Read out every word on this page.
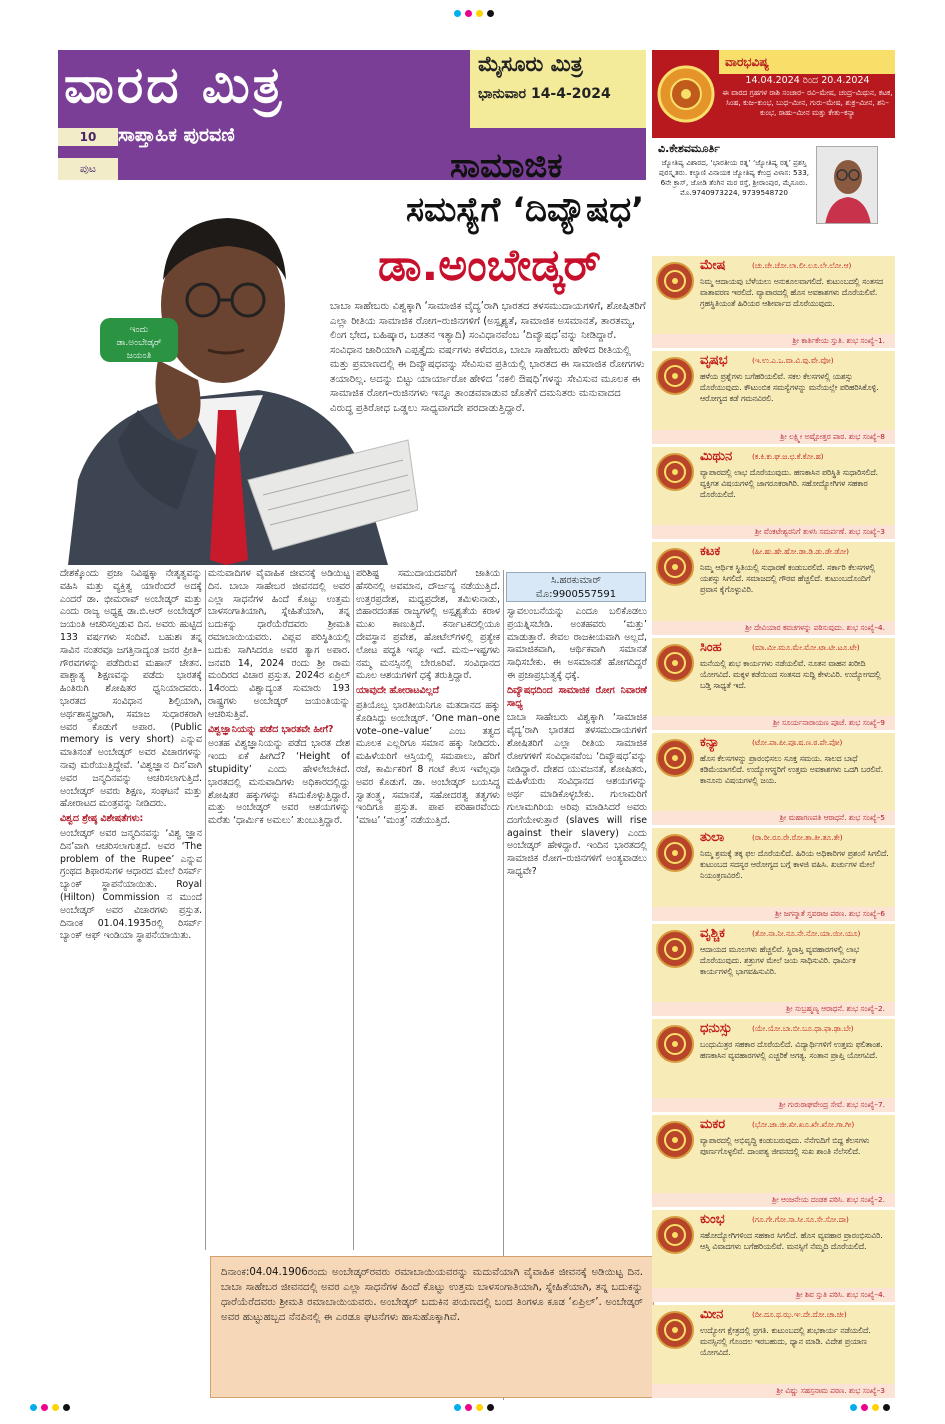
ವಾರದ ಮಿತ್ರ
ಸಾಪ್ತಾಹಿಕ ಪುರವಣಿ
ಪುಟ
10
ಮೈಸೂರು ಮಿತ್ರ
ಭಾನುವಾರ 14-4-2024
ಸಾಮಾಜಿಕ
ಸಮಸ್ಯೆಗೆ ‘ದಿವ್ಯೌಷಧ’
ಡಾ.ಅಂಬೇಡ್ಕರ್
ಇಂದು
ಡಾ.ಅಂಬೇಡ್ಕರ್
ಜಯಂತಿ
ಬಾಬಾ ಸಾಹೇಬರು ವಿಶ್ವಕ್ಕಾಗಿ ‘ಸಾಮಾಜಿಕ ವೈದ್ಯ’ರಾಗಿ ಭಾರತದ ತಳಸಮುದಾಯಗಳಿಗೆ, ಶೋಷಿತರಿಗೆ ಎಲ್ಲಾ ರೀತಿಯ ಸಾಮಾಜಿಕ ರೋಗ–ರುಜಿನಗಳಿಗೆ (ಅಸ್ಪೃಶ್ಯತೆ, ಸಾಮಾಜಿಕ ಅಸಮಾನತೆ, ತಾರತಮ್ಯ, ಲಿಂಗ ಭೇದ, ಬಹಿಷ್ಕಾರ, ಬಡತನ ಇತ್ಯಾದಿ) ಸಂವಿಧಾನವೆಂಬ ‘ದಿವ್ಯೌಷಧ’ವನ್ನು ನೀಡಿದ್ದಾರೆ. ಸಂವಿಧಾನ ಜಾರಿಯಾಗಿ ಎಪ್ಪತ್ತೈದು ವರ್ಷಗಳು ಕಳೆದರೂ, ಬಾಬಾ ಸಾಹೇಬರು ಹೇಳಿದ ರೀತಿಯಲ್ಲಿ ಮತ್ತು ಪ್ರಮಾಣದಲ್ಲಿ ಈ ದಿವ್ಯೌಷಧವನ್ನು ಸೇವಿಸುವ ಪ್ರತಿಯಲ್ಲಿ ಭಾರತದ ಈ ಸಾಮಾಜಿಕ ರೋಗಗಳು ತಯಾರಿಲ್ಲ. ಅದನ್ನು ಬಿಟ್ಟು ಯಾರ್ಯಾರೋ ಹೇಳಿದ ‘ನಕಲಿ ಔಷಧಿ’ಗಳನ್ನು ಸೇವಿಸುವ ಮೂಲಕ ಈ ಸಾಮಾಜಿಕ ರೋಗ–ರುಜಿನಗಳು ಇನ್ನೂ ತಾಂಡವವಾಡುವ ಜೊತೆಗೆ ದಮನಿತರು ಮನುವಾದದ ವಿರುದ್ಧ ಪ್ರತಿರೋಧ ಒಡ್ಡಲು ಸಾಧ್ಯವಾಗದೇ ಪರದಾಡುತ್ತಿದ್ದಾರೆ.

ದೇಶಕ್ಕೊಂದು ಪ್ರಜಾ ನಿವಿಷ್ಟಕ್ಕಾ ನೇತೃತ್ವವನ್ನು ವಹಿಸಿ ಮತ್ತು ವ್ಯಕ್ತಿತ್ವ ಯಾರೆಂದರೆ ಅದಕ್ಕೆ ಎಂದರೆ ಡಾ. ಭೀಮರಾವ್ ಅಂಬೇಡ್ಕರ್ ಮತ್ತು ಎಂದು ರಾಜ್ಯ ಅಧ್ಯಕ್ಷ ಡಾ.ಬಿ.ಆರ್ ಅಂಬೇಡ್ಕರ್ ಜಯಂತಿ ಆಚರಿಸಲ್ಪಡುವ ದಿನ. ಅವರು ಹುಟ್ಟಿದ 133 ವರ್ಷಗಳು ಸಂದಿವೆ. ಬಹುಶಃ ತನ್ನ ಸಾವಿನ ನಂತರವೂ ಜಗತ್ತಿನಾದ್ಯಂತ ಜನರ ಪ್ರೀತಿ–ಗೌರವಗಳನ್ನು ಪಡೆದಿರುವ ಮಹಾನ್ ಚೇತನ. ಪಾಶ್ಚಾತ್ಯ ಶಿಕ್ಷಣವನ್ನು ಪಡೆದು ಭಾರತಕ್ಕೆ ಹಿಂತಿರುಗಿ ಶೋಷಿತರ ಧ್ವನಿಯಾದವರು. ಭಾರತದ ಸಂವಿಧಾನ ಶಿಲ್ಪಿಯಾಗಿ, ಅರ್ಥಶಾಸ್ತ್ರಜ್ಞರಾಗಿ, ಸಮಾಜ ಸುಧಾರಕರಾಗಿ ಅವರ ಕೊಡುಗೆ ಅಪಾರ. (Public memory is very short) ಎನ್ನುವ ಮಾತಿನಂತೆ ಅಂಬೇಡ್ಕರ್ ಅವರ ವಿಚಾರಗಳನ್ನು ನಾವು ಮರೆಯುತ್ತಿದ್ದೇವೆ. ‘ವಿಶ್ವಜ್ಞಾನ ದಿನ’ವಾಗಿ ಅವರ ಜನ್ಮದಿನವನ್ನು ಆಚರಿಸಲಾಗುತ್ತಿದೆ. ಅಂಬೇಡ್ಕರ್ ಅವರು ಶಿಕ್ಷಣ, ಸಂಘಟನೆ ಮತ್ತು ಹೋರಾಟದ ಮಂತ್ರವನ್ನು ನೀಡಿದರು.

ವಿಶ್ವದ ಶ್ರೇಷ್ಠ ವಿಶೇಷತೆಗಳು:

ಅಂಬೇಡ್ಕರ್ ಅವರ ಜನ್ಮದಿನವನ್ನು ‘ವಿಶ್ವ ಜ್ಞಾನ ದಿನ’ವಾಗಿ ಆಚರಿಸಲಾಗುತ್ತದೆ. ಅವರ ‘The problem of the Rupee’ ಎನ್ನುವ ಗ್ರಂಥದ ಶಿಫಾರಸುಗಳ ಆಧಾರದ ಮೇಲೆ ರಿಸರ್ವ್ ಬ್ಯಾಂಕ್ ಸ್ಥಾಪನೆಯಾಯಿತು. Royal (Hilton) Commission ನ ಮುಂದೆ ಅಂಬೇಡ್ಕರ್ ಅವರ ವಿಚಾರಗಳು ಪ್ರಸ್ತುತ. ದಿನಾಂಕ 01.04.1935ರಲ್ಲಿ ರಿಸರ್ವ್ ಬ್ಯಾಂಕ್ ಆಫ್ ಇಂಡಿಯಾ ಸ್ಥಾಪನೆಯಾಯಿತು.

ಮನುವಾದಿಗಳ ವೈವಾಹಿಕ ಜೀವನಕ್ಕೆ ಅಡಿಯಿಟ್ಟ ದಿನ. ಬಾಬಾ ಸಾಹೇಬರ ಜೀವನದಲ್ಲಿ ಅವರ ಎಲ್ಲಾ ಸಾಧನೆಗಳ ಹಿಂದೆ ಕೊಟ್ಟು ಉತ್ತಮ ಬಾಳಸಂಗಾತಿಯಾಗಿ, ಸ್ನೇಹಿತೆಯಾಗಿ, ತನ್ನ ಬದುಕನ್ನು ಧಾರೆಯೆರೆದವರು ಶ್ರೀಮತಿ ರಮಾಬಾಯಿಯವರು. ವಿಪ್ಲವ ಪರಿಸ್ಥಿತಿಯಲ್ಲಿ ಬದುಕು ಸಾಗಿಸಿದರೂ ಅವರ ತ್ಯಾಗ ಅಪಾರ. ಜನವರಿ 14, 2024 ರಂದು ಶ್ರೀ ರಾಮ ಮಂದಿರದ ವಿಚಾರ ಪ್ರಸ್ತುತ. 2024ರ ಏಪ್ರಿಲ್ 14ರಂದು ವಿಶ್ವಾದ್ಯಂತ ಸುಮಾರು 193 ರಾಷ್ಟ್ರಗಳು ಅಂಬೇಡ್ಕರ್ ಜಯಂತಿಯನ್ನು ಆಚರಿಸುತ್ತಿವೆ.

ವಿಶ್ವಜ್ಞಾನಿಯನ್ನು ಪಡೆದ ಭಾರತವೇ ಹೀಗೆ?

ಅಂತಹ ವಿಶ್ವಜ್ಞಾನಿಯನ್ನು ಪಡೆದ ಭಾರತ ದೇಶ ಇಂದು ಏಕೆ ಹೀಗಿದೆ? ‘Height of stupidity’ ಎಂದು ಹೇಳಲೇಬೇಕಿದೆ. ಭಾರತದಲ್ಲಿ ಮನುವಾದಿಗಳು ಅಧಿಕಾರದಲ್ಲಿದ್ದು ಶೋಷಿತರ ಹಕ್ಕುಗಳನ್ನು ಕಸಿದುಕೊಳ್ಳುತ್ತಿದ್ದಾರೆ. ಮತ್ತು ಅಂಬೇಡ್ಕರ್ ಅವರ ಆಶಯಗಳನ್ನು ಮರೆತು ‘ಧಾರ್ಮಿಕ ಅಮಲು’ ತುಂಬುತ್ತಿದ್ದಾರೆ.

ಪರಿಶಿಷ್ಟ ಸಮುದಾಯದವರಿಗೆ ಜಾತಿಯ ಹೆಸರಿನಲ್ಲಿ ಅವಮಾನ, ದೌರ್ಜನ್ಯ ನಡೆಯುತ್ತಿದೆ. ಉತ್ತರಪ್ರದೇಶ, ಮಧ್ಯಪ್ರದೇಶ, ತಮಿಳುನಾಡು, ಬಿಹಾರದಂತಹ ರಾಜ್ಯಗಳಲ್ಲಿ ಅಸ್ಪೃಶ್ಯತೆಯ ಕರಾಳ ಮುಖ ಕಾಣುತ್ತಿದೆ. ಕರ್ನಾಟಕದಲ್ಲಿಯೂ ದೇವಸ್ಥಾನ ಪ್ರವೇಶ, ಹೋಟೆಲ್‌ಗಳಲ್ಲಿ ಪ್ರತ್ಯೇಕ ಲೋಟ ಪದ್ಧತಿ ಇನ್ನೂ ಇದೆ. ಮನು–ಇಷ್ಟಗಳು ನಮ್ಮ ಮನಸ್ಸಿನಲ್ಲಿ ಬೇರೂರಿವೆ. ಸಂವಿಧಾನದ ಮೂಲ ಆಶಯಗಳಿಗೆ ಧಕ್ಕೆ ತರುತ್ತಿದ್ದಾರೆ.

ಯಾವುದೇ ಹೋರಾಟವಿಲ್ಲದೆ

ಪ್ರತಿಯೊಬ್ಬ ಭಾರತೀಯನಿಗೂ ಮತದಾನದ ಹಕ್ಕು ಕೊಡಿಸಿದ್ದು ಅಂಬೇಡ್ಕರ್. ‘One man–one vote–one–value’ ಎಂಬ ತತ್ವದ ಮೂಲಕ ಎಲ್ಲರಿಗೂ ಸಮಾನ ಹಕ್ಕು ನೀಡಿದರು. ಮಹಿಳೆಯರಿಗೆ ಆಸ್ತಿಯಲ್ಲಿ ಸಮಪಾಲು, ಹೆರಿಗೆ ರಜೆ, ಕಾರ್ಮಿಕರಿಗೆ 8 ಗಂಟೆ ಕೆಲಸ ಇವೆಲ್ಲವೂ ಅವರ ಕೊಡುಗೆ. ಡಾ. ಅಂಬೇಡ್ಕರ್ ಬಯಸಿದ್ದ ಸ್ವಾತಂತ್ರ್ಯ, ಸಮಾನತೆ, ಸಹೋದರತ್ವ ತತ್ವಗಳು ಇಂದಿಗೂ ಪ್ರಸ್ತುತ. ಪಾಪ ಪರಿಹಾರವೆಂದು ‘ಮಾಟ’ ‘ಮಂತ್ರ’ ನಡೆಯುತ್ತಿದೆ.

ಸಿ.ಹರಕುಮಾರ್
ಮೊ:9900557591

ಸ್ವಾವಲಂಬನೆಯನ್ನು ಎಂದೂ ಬಲಿಕೊಡಲು ಪ್ರಯತ್ನಿಸಬೇಡಿ. ಅಂತಹವರು ‘ಮತ್ತು’ ಮಾಡುತ್ತಾರೆ. ಕೇವಲ ರಾಜಕೀಯವಾಗಿ ಅಲ್ಲದೆ, ಸಾಮಾಜಿಕವಾಗಿ, ಆರ್ಥಿಕವಾಗಿ ಸಮಾನತೆ ಸಾಧಿಸಬೇಕು. ಈ ಅಸಮಾನತೆ ಹೋಗದಿದ್ದರೆ ಈ ಪ್ರಜಾಪ್ರಭುತ್ವಕ್ಕೆ ಧಕ್ಕೆ.

ದಿವ್ಯೌಷಧದಿಂದ ಸಾಮಾಜಿಕ ರೋಗ ನಿವಾರಣೆ ಸಾಧ್ಯ

ಬಾಬಾ ಸಾಹೇಬರು ವಿಶ್ವಕ್ಕಾಗಿ ‘ಸಾಮಾಜಿಕ ವೈದ್ಯ’ರಾಗಿ ಭಾರತದ ತಳಸಮುದಾಯಗಳಿಗೆ ಶೋಷಿತರಿಗೆ ಎಲ್ಲಾ ರೀತಿಯ ಸಾಮಾಜಿಕ ರೋಗಗಳಿಗೆ ಸಂವಿಧಾನವೆಂಬ ‘ದಿವ್ಯೌಷಧ’ವನ್ನು ನೀಡಿದ್ದಾರೆ. ದೇಶದ ಯುವಜನತೆ, ಶೋಷಿತರು, ಮಹಿಳೆಯರು ಸಂವಿಧಾನದ ಆಶಯಗಳನ್ನು ಅರ್ಥ ಮಾಡಿಕೊಳ್ಳಬೇಕು. ಗುಲಾಮರಿಗೆ ಗುಲಾಮಗಿರಿಯ ಅರಿವು ಮಾಡಿಸಿದರೆ ಅವರು ದಂಗೆಯೇಳುತ್ತಾರೆ (slaves will rise against their slavery) ಎಂದು ಅಂಬೇಡ್ಕರ್ ಹೇಳಿದ್ದಾರೆ. ಇಂದಿನ ಭಾರತದಲ್ಲಿ ಸಾಮಾಜಿಕ ರೋಗ–ರುಜಿನಗಳಿಗೆ ಅಂತ್ಯವಾಡಲು ಸಾಧ್ಯವೇ?

ದಿನಾಂಕ:04.04.1906ರಂದು ಅಂಬೇಡ್ಕರ್‌ರವರು ರಮಾಬಾಯಿಯವರನ್ನು ಮದುವೆಯಾಗಿ ವೈವಾಹಿಕ ಜೀವನಕ್ಕೆ ಅಡಿಯಿಟ್ಟ ದಿನ. ಬಾಬಾ ಸಾಹೇಬರ ಜೀವನದಲ್ಲಿ ಅವರ ಎಲ್ಲಾ ಸಾಧನೆಗಳ ಹಿಂದೆ ಕೊಟ್ಟು ಉತ್ತಮ ಬಾಳಸಂಗಾತಿಯಾಗಿ, ಸ್ನೇಹಿತೆಯಾಗಿ, ತನ್ನ ಬದುಕನ್ನು ಧಾರೆಯೆರೆದವರು ಶ್ರೀಮತಿ ರಮಾಬಾಯಿಯವರು. ಅಂಬೇಡ್ಕರ್ ಬದುಕಿನ ಪಯಣದಲ್ಲಿ ಬಂದ ತಿಂಗಳೂ ಕೂಡ ‘ಏಪ್ರಿಲ್’. ಅಂಬೇಡ್ಕರ್ ಅವರ ಹುಟ್ಟುಹಬ್ಬದ ನೆನಪಿನಲ್ಲಿ ಈ ಎರಡೂ ಘಟನೆಗಳು ಹಾಸುಹೊಕ್ಕಾಗಿವೆ.
ವಾರಭವಿಷ್ಯ
14.04.2024 ರಿಂದ 20.4.2024
ಈ ವಾರದ ಗ್ರಹಗಳ ರಾಶಿ ಸಂಚಾರ– ರವಿ–ಮೇಷ, ಚಂದ್ರ–ಮಿಥುನ, ಕಟಕ, ಸಿಂಹ, ಕುಜ–ಕುಂಭ, ಬುಧ–ಮೀನ, ಗುರು–ಮೇಷ, ಶುಕ್ರ–ಮೀನ, ಶನಿ–ಕುಂಭ, ರಾಹು–ಮೀನ ಮತ್ತು ಕೇತು–ಕನ್ಯಾ
ವಿ.ಕೇಶವಮೂರ್ತಿ
ಜ್ಯೋತಿಷ್ಯ ವಿಶಾರದ, ‘ಭಾರತೀಯ ರತ್ನ’ ‘ಜ್ಯೋತಿಷ್ಯ ರತ್ನ’ ಪ್ರಶಸ್ತಿ ಪುರಸ್ಕೃತರು. ಕಲ್ಯಾಣಿ ವಿನಾಯಕ ಜ್ಯೋತಿಷ್ಯ ಕೇಂದ್ರ ವಿಳಾಸ: 533, 6ನೇ ಕ್ರಾಸ್, ಜೋಡಿ ತೆಂಗಿನ ಮರ ರಸ್ತೆ, ಶ್ರೀರಾಂಪುರ, ಮೈಸೂರು. ಮೊ.9740973224, 9739548720
ಮೇಷ	(ಚು.ಚೇ.ಚೋ.ಲಾ.ಲೀ.ಲೂ.ಲೇ.ಲೋ.ಆ)
ನಿಮ್ಮ ಆದಾಯವು ಬೆಳೆಯಲು ಅನುಕೂಲವಾಗಲಿದೆ. ಕುಟುಂಬದಲ್ಲಿ ಸಂತಸದ ವಾತಾವರಣ ಇರಲಿದೆ. ವ್ಯಾಪಾರದಲ್ಲಿ ಹೊಸ ಅವಕಾಶಗಳು ದೊರೆಯಲಿವೆ. ಗ್ರಹಸ್ಥಿತಿಯಂತೆ ಹಿರಿಯರ ಆಶೀರ್ವಾದ ದೊರೆಯುವುದು.
ಶ್ರೀ ಕಾರ್ತಿಕೇಯ ಸ್ತುತಿ. ಶುಭ ಸಂಖ್ಯೆ–1.
ವೃಷಭ	(ಇ.ಉ.ಎ.ಒ.ವಾ.ವಿ.ವು.ವೇ.ವೋ)
ಹಳೆಯ ಪ್ರಶ್ನೆಗಳು ಬಗೆಹರಿಯಲಿವೆ. ಸಕಲ ಕೆಲಸಗಳಲ್ಲಿ ಯಶಸ್ಸು ದೊರೆಯುವುದು. ಕೌಟುಂಬಿಕ ಸಮಸ್ಯೆಗಳನ್ನು ಮನೆಯಲ್ಲೇ ಪರಿಹರಿಸಿಕೊಳ್ಳಿ. ಆರೋಗ್ಯದ ಕಡೆ ಗಮನವಿರಲಿ.
ಶ್ರೀ ಲಕ್ಷ್ಮೀ ಅಷ್ಟೋತ್ತರ ಪಾಠ. ಶುಭ ಸಂಖ್ಯೆ–8
ಮಿಥುನ	(ಕ.ಕಿ.ಕು.ಘ.ಙ.ಛ.ಕೆ.ಕೋ.ಹ)
ವ್ಯಾಪಾರದಲ್ಲಿ ಲಾಭ ದೊರೆಯುವುದು. ಹಣಕಾಸಿನ ಪರಿಸ್ಥಿತಿ ಸುಧಾರಿಸಲಿದೆ. ವ್ಯಕ್ತಿಗತ ವಿಷಯಗಳಲ್ಲಿ ಜಾಗರೂಕರಾಗಿರಿ. ಸಹೋದ್ಯೋಗಿಗಳ ಸಹಕಾರ ದೊರೆಯಲಿದೆ.
ಶ್ರೀ ವೆಂಕಟೇಶ್ವರನಿಗೆ ತುಳಸಿ ಸಮರ್ಪಣೆ. ಶುಭ ಸಂಖ್ಯೆ–3
ಕಟಕ	(ಹೀ.ಹು.ಹೇ.ಹೋ.ಡಾ.ಡಿ.ಡು.ಡೇ.ಡೋ)
ನಿಮ್ಮ ಆರ್ಥಿಕ ಸ್ಥಿತಿಯಲ್ಲಿ ಸುಧಾರಣೆ ಕಂಡುಬರಲಿದೆ. ಸರ್ಕಾರಿ ಕೆಲಸಗಳಲ್ಲಿ ಯಶಸ್ಸು ಸಿಗಲಿದೆ. ಸಮಾಜದಲ್ಲಿ ಗೌರವ ಹೆಚ್ಚಲಿದೆ. ಕುಟುಂಬದೊಂದಿಗೆ ಪ್ರವಾಸ ಕೈಗೊಳ್ಳುವಿರಿ.
ಶ್ರೀ ದೇವಿಯಾರ ಕವಚಗಳನ್ನು ಪಠಿಸುವುದು. ಶುಭ ಸಂಖ್ಯೆ–4.
ಸಿಂಹ	(ಮಾ.ಮೀ.ಮೂ.ಮೇ.ಮೋ.ಟಾ.ಟೀ.ಟೂ.ಟೇ)
ಮನೆಯಲ್ಲಿ ಶುಭ ಕಾರ್ಯಗಳು ನಡೆಯಲಿವೆ. ನೂತನ ವಾಹನ ಖರೀದಿ ಯೋಗವಿದೆ. ಮಕ್ಕಳ ಕಡೆಯಿಂದ ಸಂತಸದ ಸುದ್ದಿ ಕೇಳುವಿರಿ. ಉದ್ಯೋಗದಲ್ಲಿ ಬಡ್ತಿ ಸಾಧ್ಯತೆ ಇದೆ.
ಶ್ರೀ ಸೂರ್ಯನಾರಾಯಣ ಪೂಜೆ. ಶುಭ ಸಂಖ್ಯೆ–9
ಕನ್ಯಾ	(ಟೋ.ಪಾ.ಪೀ.ಪೂ.ಷ.ಣ.ಠ.ಪೇ.ಪೋ)
ಹೊಸ ಕೆಲಸಗಳನ್ನು ಪ್ರಾರಂಭಿಸಲು ಸೂಕ್ತ ಸಮಯ. ಸಾಲದ ಬಾಧೆ ಕಡಿಮೆಯಾಗಲಿದೆ. ಉದ್ಯೋಗಸ್ಥರಿಗೆ ಉತ್ತಮ ಅವಕಾಶಗಳು ಒದಗಿ ಬರಲಿವೆ. ಕಾನೂನು ವಿಷಯಗಳಲ್ಲಿ ಜಯ.
ಶ್ರೀ ಮಹಾಗಣಪತಿ ಆರಾಧನೆ. ಶುಭ ಸಂಖ್ಯೆ–5
ತುಲಾ	(ರಾ.ರೀ.ರೂ.ರೇ.ರೋ.ತಾ.ತೀ.ತೂ.ತೇ)
ನಿಮ್ಮ ಶ್ರಮಕ್ಕೆ ತಕ್ಕ ಫಲ ದೊರೆಯಲಿದೆ. ಹಿರಿಯ ಅಧಿಕಾರಿಗಳ ಪ್ರಶಂಸೆ ಸಿಗಲಿದೆ. ಕುಟುಂಬದ ಸದಸ್ಯರ ಆರೋಗ್ಯದ ಬಗ್ಗೆ ಕಾಳಜಿ ವಹಿಸಿ. ಖರ್ಚುಗಳ ಮೇಲೆ ನಿಯಂತ್ರಣವಿರಲಿ.
ಶ್ರೀ ಜಗನ್ಮಾತೆ ಸ್ತವರಾಜ ಪಠಣ. ಶುಭ ಸಂಖ್ಯೆ–6
ವೃಶ್ಚಿಕ	(ತೋ.ನಾ.ನೀ.ನೂ.ನೇ.ನೋ.ಯಾ.ಯೀ.ಯೂ)
ಆದಾಯದ ಮೂಲಗಳು ಹೆಚ್ಚಲಿವೆ. ಸ್ಥಿರಾಸ್ತಿ ವ್ಯವಹಾರಗಳಲ್ಲಿ ಲಾಭ ದೊರೆಯುವುದು. ಶತ್ರುಗಳ ಮೇಲೆ ಜಯ ಸಾಧಿಸುವಿರಿ. ಧಾರ್ಮಿಕ ಕಾರ್ಯಗಳಲ್ಲಿ ಭಾಗವಹಿಸುವಿರಿ.
ಶ್ರೀ ಸುಬ್ರಹ್ಮಣ್ಯ ಆರಾಧನೆ. ಶುಭ ಸಂಖ್ಯೆ–2.
ಧನುಸ್ಸು	(ಯೇ.ಯೋ.ಬಾ.ಬೀ.ಬೂ.ಧಾ.ಫಾ.ಢಾ.ಬೇ)
ಬಂಧುಮಿತ್ರರ ಸಹಕಾರ ದೊರೆಯಲಿದೆ. ವಿದ್ಯಾರ್ಥಿಗಳಿಗೆ ಉತ್ತಮ ಫಲಿತಾಂಶ. ಹಣಕಾಸಿನ ವ್ಯವಹಾರಗಳಲ್ಲಿ ಎಚ್ಚರಿಕೆ ಅಗತ್ಯ. ಸಂತಾನ ಪ್ರಾಪ್ತಿ ಯೋಗವಿದೆ.
ಶ್ರೀ ಗುರುರಾಘವೇಂದ್ರ ಸೇವೆ. ಶುಭ ಸಂಖ್ಯೆ–7.
ಮಕರ	(ಭೋ.ಜಾ.ಜೀ.ಖೀ.ಖೂ.ಖೇ.ಖೋ.ಗಾ.ಗೀ)
ವ್ಯಾಪಾರದಲ್ಲಿ ಅಭಿವೃದ್ಧಿ ಕಂಡುಬರುವುದು. ನೆನೆಗುದಿಗೆ ಬಿದ್ದ ಕೆಲಸಗಳು ಪೂರ್ಣಗೊಳ್ಳಲಿವೆ. ದಾಂಪತ್ಯ ಜೀವನದಲ್ಲಿ ಸುಖ ಶಾಂತಿ ನೆಲೆಸಲಿದೆ.
ಶ್ರೀ ಆಂಜನೇಯ ದಂಡಕ ಪಠಿಸಿ. ಶುಭ ಸಂಖ್ಯೆ–2.
ಕುಂಭ	(ಗೂ.ಗೇ.ಗೋ.ಸಾ.ಸೀ.ಸೂ.ಸೇ.ಸೋ.ದಾ)
ಸಹೋದ್ಯೋಗಿಗಳಿಂದ ಸಹಕಾರ ಸಿಗಲಿದೆ. ಹೊಸ ವ್ಯವಹಾರ ಪ್ರಾರಂಭಿಸುವಿರಿ. ಆಸ್ತಿ ವಿವಾದಗಳು ಬಗೆಹರಿಯಲಿವೆ. ಮನಸ್ಸಿಗೆ ನೆಮ್ಮದಿ ದೊರೆಯಲಿದೆ.
ಶ್ರೀ ಶಿವ ಸ್ತುತಿ ಪಠಿಸಿ. ಶುಭ ಸಂಖ್ಯೆ–4.
ಮೀನ	(ದೀ.ದೂ.ಥ.ಝ.ಞ.ದೇ.ದೋ.ಚಾ.ಚೀ)
ಉದ್ಯೋಗ ಕ್ಷೇತ್ರದಲ್ಲಿ ಪ್ರಗತಿ. ಕುಟುಂಬದಲ್ಲಿ ಶುಭಕಾರ್ಯ ನಡೆಯಲಿದೆ. ಮನಸ್ಸಿನಲ್ಲಿ ಗೊಂದಲ ಇರಬಹುದು, ಧ್ಯಾನ ಮಾಡಿ. ವಿದೇಶ ಪ್ರಯಾಣ ಯೋಗವಿದೆ.
ಶ್ರೀ ವಿಷ್ಣು ಸಹಸ್ರನಾಮ ಪಠಣ. ಶುಭ ಸಂಖ್ಯೆ–3
